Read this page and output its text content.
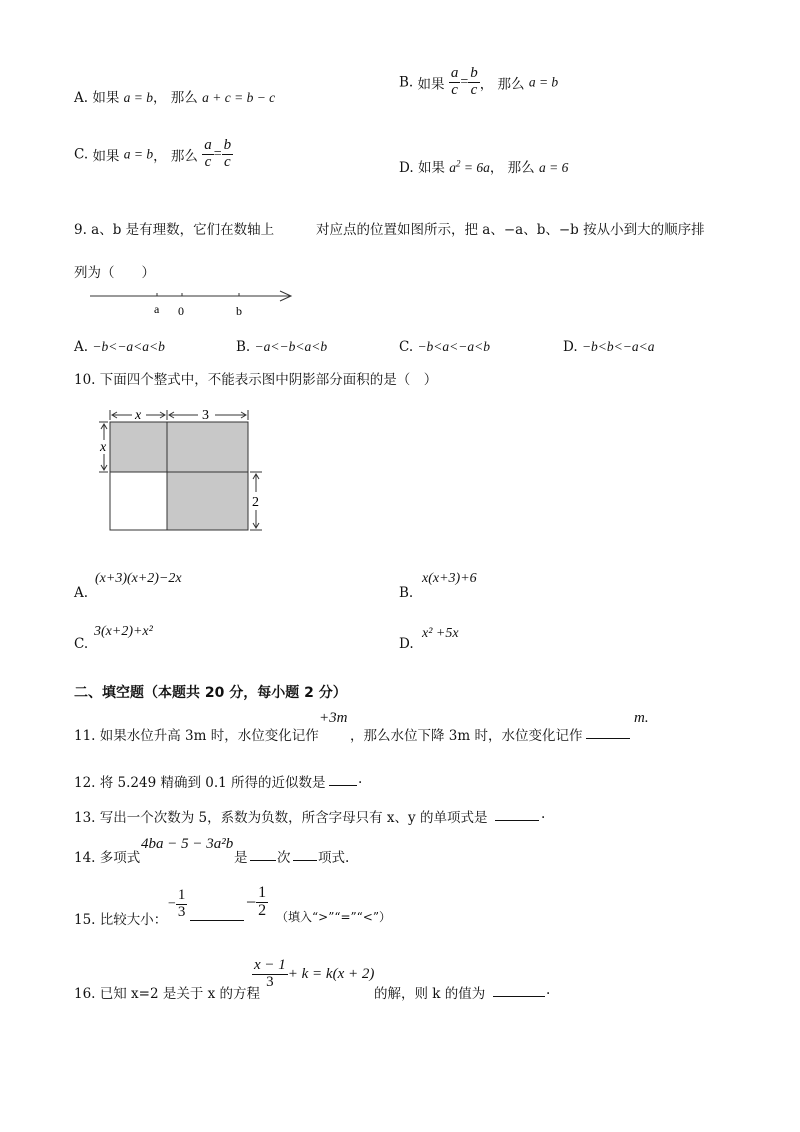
A. 如果 a = b， 那么 a + c = b − c
B. 如果 $\frac{a}{c} = \frac{b}{c}$ ， 那么 a = b
C. 如果 a = b， 那么 $\frac{a}{c} = \frac{b}{c}$	D. 如果 $a^2 = 6a$， 那么 a = 6
9. a、b 是有理数，它们在数轴上	对应点的位置如图所示，把 a、−a、b、−b 按从小到大的顺序排
列为（　　）
a 0	b
A. −b<−a<a<b	B. −a<−b<a<b	C. −b<a<−a<b	D. −b<b<−a<a
10. 下面四个整式中，不能表示图中阴影部分面积的是（　）
x	3
x
2
A.
(x+3)(x+2)−2x
B.
x(x+3)+6
C.
3(x+2)+x²
D.
x² +5x
二、填空题（本题共 20 分，每小题 2 分）
11. 如果水位升高 3m 时，水位变化记作
+3m
，那么水位下降 3m 时，水位变化记作
m.
12. 将 5.249 精确到 0.1 所得的近似数是 .
13. 写出一个次数为 5，系数为负数，所含字母只有 x、y 的单项式是	.
14. 多项式
4ba − 5 − 3a²b
是 次 项式.
15. 比较大小：
− $\frac{1}{3}$	− $\frac{1}{2}$ （填入“>”“=”“<”）
16. 已知 x=2 是关于 x 的方程
$\frac{x - 1}{3} + k = k(x + 2)$
的解，则 k 的值为	.
